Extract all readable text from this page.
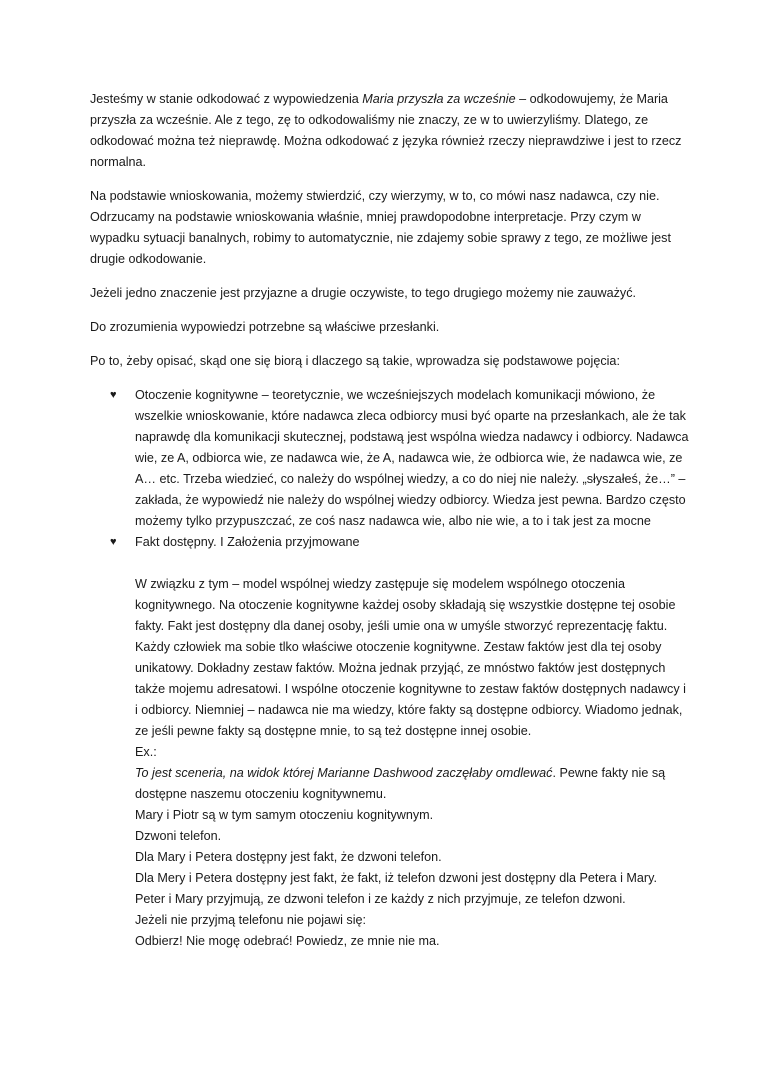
Jesteśmy w stanie odkodować z wypowiedzenia Maria przyszła za wcześnie – odkodowujemy, że Maria przyszła za wcześnie. Ale z tego, zę to odkodowaliśmy nie znaczy, ze w to uwierzyliśmy. Dlatego, ze odkodować można też nieprawdę. Można odkodować z języka również rzeczy nieprawdziwe i jest to rzecz normalna.

Na podstawie wnioskowania, możemy stwierdzić, czy wierzymy, w to, co mówi nasz nadawca, czy nie. Odrzucamy na podstawie wnioskowania właśnie, mniej prawdopodobne interpretacje. Przy czym w wypadku sytuacji banalnych, robimy to automatycznie, nie zdajemy sobie sprawy z tego, ze możliwe jest drugie odkodowanie.

Jeżeli jedno znaczenie jest przyjazne a drugie oczywiste, to tego drugiego możemy nie zauważyć.

Do zrozumienia wypowiedzi potrzebne są właściwe przesłanki.

Po to, żeby opisać, skąd one się biorą i dlaczego są takie, wprowadza się podstawowe pojęcia:

♥ Otoczenie kognitywne – teoretycznie, we wcześniejszych modelach komunikacji mówiono, że wszelkie wnioskowanie, które nadawca zleca odbiorcy musi być oparte na przesłankach, ale że tak naprawdę dla komunikacji skutecznej, podstawą jest wspólna wiedza nadawcy i odbiorcy. Nadawca wie, ze A, odbiorca wie, ze nadawca wie, że A, nadawca wie, że odbiorca wie, że nadawca wie, ze A… etc. Trzeba wiedzieć, co należy do wspólnej wiedzy, a co do niej nie należy. „słyszałeś, że…” – zakłada, że wypowiedź nie należy do wspólnej wiedzy odbiorcy. Wiedza jest pewna. Bardzo często możemy tylko przypuszczać, ze coś nasz nadawca wie, albo nie wie, a to i tak jest za mocne
♥ Fakt dostępny. I Założenia przyjmowane
W związku z tym – model wspólnej wiedzy zastępuje się modelem wspólnego otoczenia kognitywnego. Na otoczenie kognitywne każdej osoby składają się wszystkie dostępne tej osobie fakty. Fakt jest dostępny dla danej osoby, jeśli umie ona w umyśle stworzyć reprezentację faktu. Każdy człowiek ma sobie tlko właściwe otoczenie kognitywne. Zestaw faktów jest dla tej osoby unikatowy. Dokładny zestaw faktów. Można jednak przyjąć, ze mnóstwo faktów jest dostępnych także mojemu adresatowi. I wspólne otoczenie kognitywne to zestaw faktów dostępnych nadawcy i i odbiorcy. Niemniej – nadawca nie ma wiedzy, które fakty są dostępne odbiorcy. Wiadomo jednak, ze jeśli pewne fakty są dostępne mnie, to są też dostępne innej osobie.
Ex.:
To jest sceneria, na widok której Marianne Dashwood zaczęłaby omdlewać. Pewne fakty nie są dostępne naszemu otoczeniu kognitywnemu.
Mary i Piotr są w tym samym otoczeniu kognitywnym.
Dzwoni telefon.
Dla Mary i Petera dostępny jest fakt, że dzwoni telefon.
Dla Mery i Petera dostępny jest fakt, że fakt, iż telefon dzwoni jest dostępny dla Petera i Mary.
Peter i Mary przyjmują, ze dzwoni telefon i ze każdy z nich przyjmuje, ze telefon dzwoni.
Jeżeli nie przyjmą telefonu nie pojawi się:
Odbierz! Nie mogę odebrać! Powiedz, ze mnie nie ma.
